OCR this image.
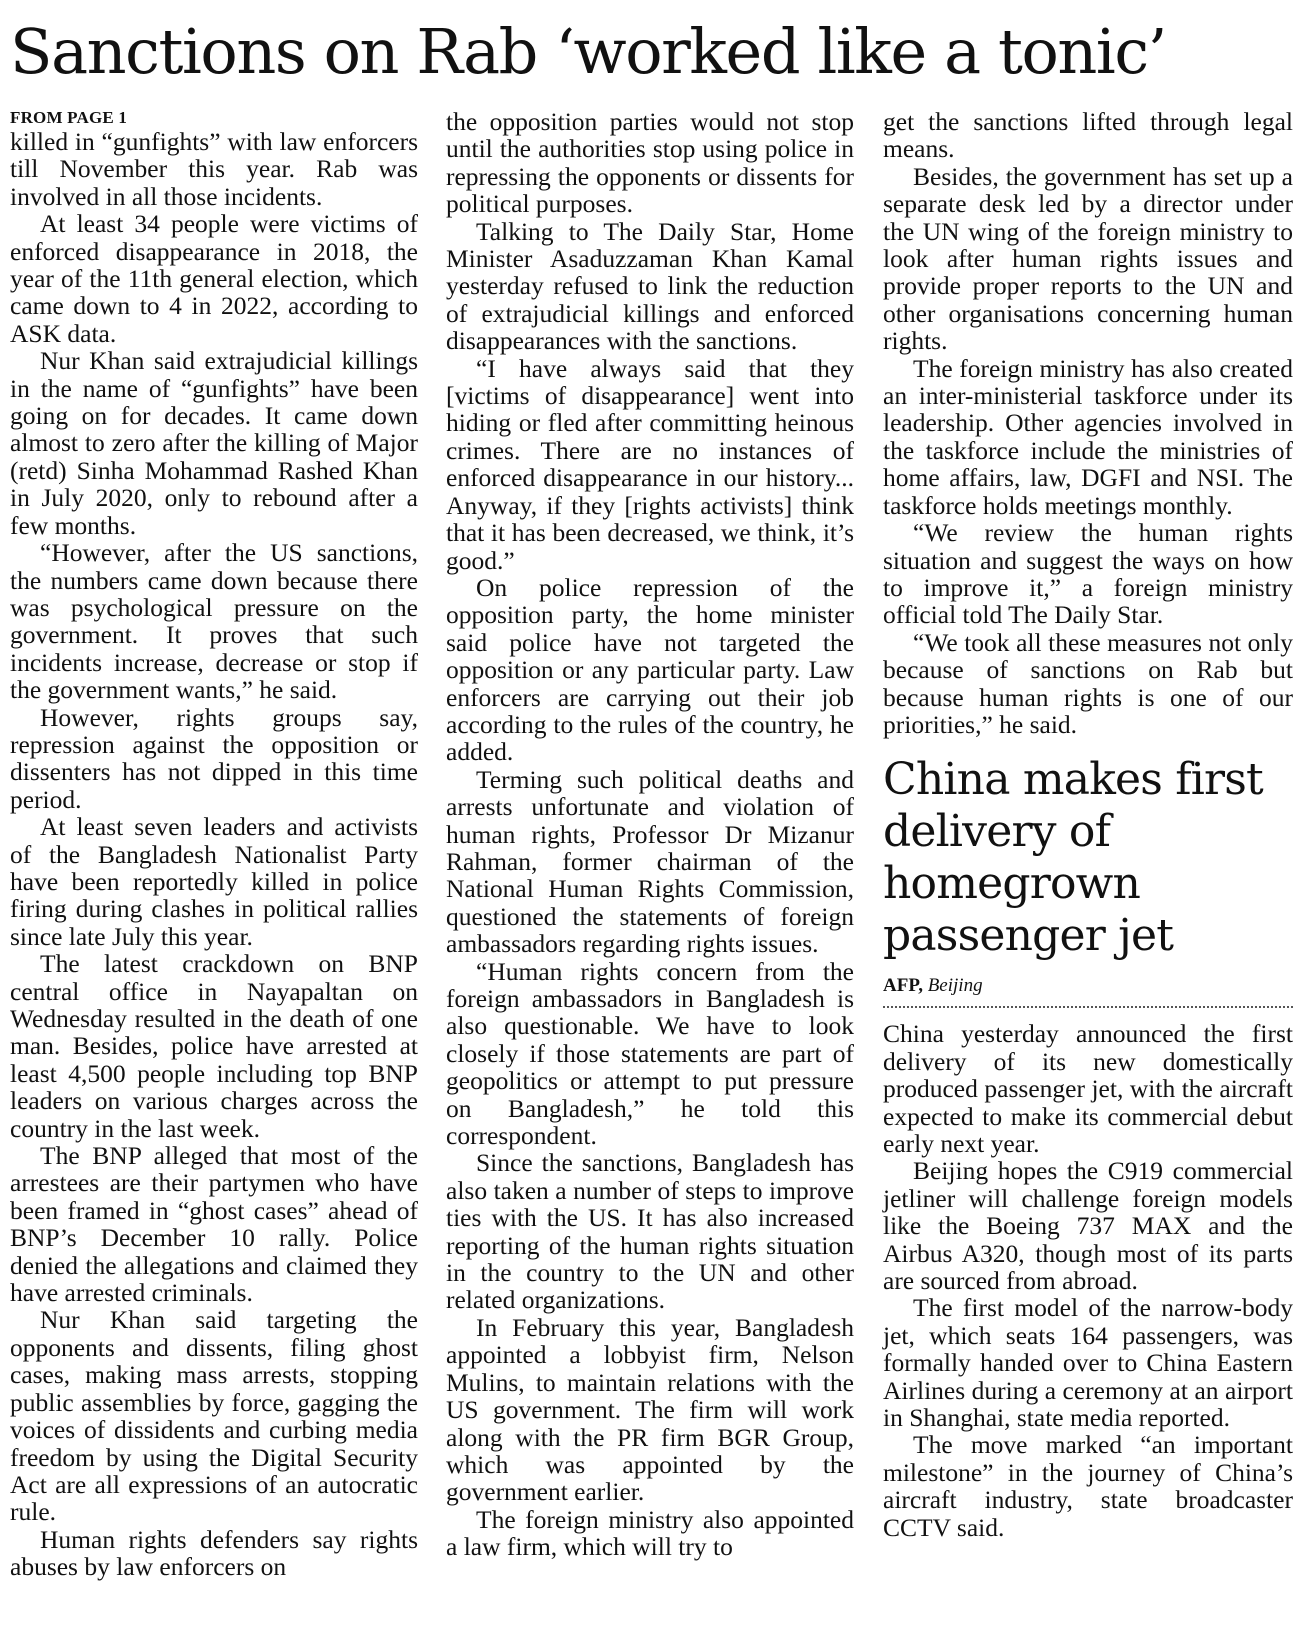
Sanctions on Rab ‘worked like a tonic’
FROM PAGE 1

killed in “gunfights” with law enforcers till November this year. Rab was involved in all those incidents.

At least 34 people were victims of enforced disappearance in 2018, the year of the 11th general election, which came down to 4 in 2022, according to ASK data.

Nur Khan said extrajudicial killings in the name of “gunfights” have been going on for decades. It came down almost to zero after the killing of Major (retd) Sinha Mohammad Rashed Khan in July 2020, only to rebound after a few months.

“However, after the US sanctions, the numbers came down because there was psychological pressure on the government. It proves that such incidents increase, decrease or stop if the government wants,” he said.

However, rights groups say, repression against the opposition or dissenters has not dipped in this time period.

At least seven leaders and activists of the Bangladesh Nationalist Party have been reportedly killed in police firing during clashes in political rallies since late July this year.

The latest crackdown on BNP central office in Nayapaltan on Wednesday resulted in the death of one man. Besides, police have arrested at least 4,500 people including top BNP leaders on various charges across the country in the last week.

The BNP alleged that most of the arrestees are their partymen who have been framed in “ghost cases” ahead of BNP’s December 10 rally. Police denied the allegations and claimed they have arrested criminals.

Nur Khan said targeting the opponents and dissents, filing ghost cases, making mass arrests, stopping public assemblies by force, gagging the voices of dissidents and curbing media freedom by using the Digital Security Act are all expressions of an autocratic rule.

Human rights defenders say rights abuses by law enforcers on

the opposition parties would not stop until the authorities stop using police in repressing the opponents or dissents for political purposes.

Talking to The Daily Star, Home Minister Asaduzzaman Khan Kamal yesterday refused to link the reduction of extrajudicial killings and enforced disappearances with the sanctions.

“I have always said that they [victims of disappearance] went into hiding or fled after committing heinous crimes. There are no instances of enforced disappearance in our history... Anyway, if they [rights activists] think that it has been decreased, we think, it’s good.”

On police repression of the opposition party, the home minister said police have not targeted the opposition or any particular party. Law enforcers are carrying out their job according to the rules of the country, he added.

Terming such political deaths and arrests unfortunate and violation of human rights, Professor Dr Mizanur Rahman, former chairman of the National Human Rights Commission, questioned the statements of foreign ambassadors regarding rights issues.

“Human rights concern from the foreign ambassadors in Bangladesh is also questionable. We have to look closely if those statements are part of geopolitics or attempt to put pressure on Bangladesh,” he told this correspondent.

Since the sanctions, Bangladesh has also taken a number of steps to improve ties with the US. It has also increased reporting of the human rights situation in the country to the UN and other related organizations.

In February this year, Bangladesh appointed a lobbyist firm, Nelson Mulins, to maintain relations with the US government. The firm will work along with the PR firm BGR Group, which was appointed by the government earlier.

The foreign ministry also appointed a law firm, which will try to

get the sanctions lifted through legal means.

Besides, the government has set up a separate desk led by a director under the UN wing of the foreign ministry to look after human rights issues and provide proper reports to the UN and other organisations concerning human rights.

The foreign ministry has also created an inter-ministerial taskforce under its leadership. Other agencies involved in the taskforce include the ministries of home affairs, law, DGFI and NSI. The taskforce holds meetings monthly.

“We review the human rights situation and suggest the ways on how to improve it,” a foreign ministry official told The Daily Star.

“We took all these measures not only because of sanctions on Rab but because human rights is one of our priorities,” he said.

China makes first delivery of homegrown passenger jet
AFP, Beijing

China yesterday announced the first delivery of its new domestically produced passenger jet, with the aircraft expected to make its commercial debut early next year.

Beijing hopes the C919 commercial jetliner will challenge foreign models like the Boeing 737 MAX and the Airbus A320, though most of its parts are sourced from abroad.

The first model of the narrow-body jet, which seats 164 passengers, was formally handed over to China Eastern Airlines during a ceremony at an airport in Shanghai, state media reported.

The move marked “an important milestone” in the journey of China’s aircraft industry, state broadcaster CCTV said.
